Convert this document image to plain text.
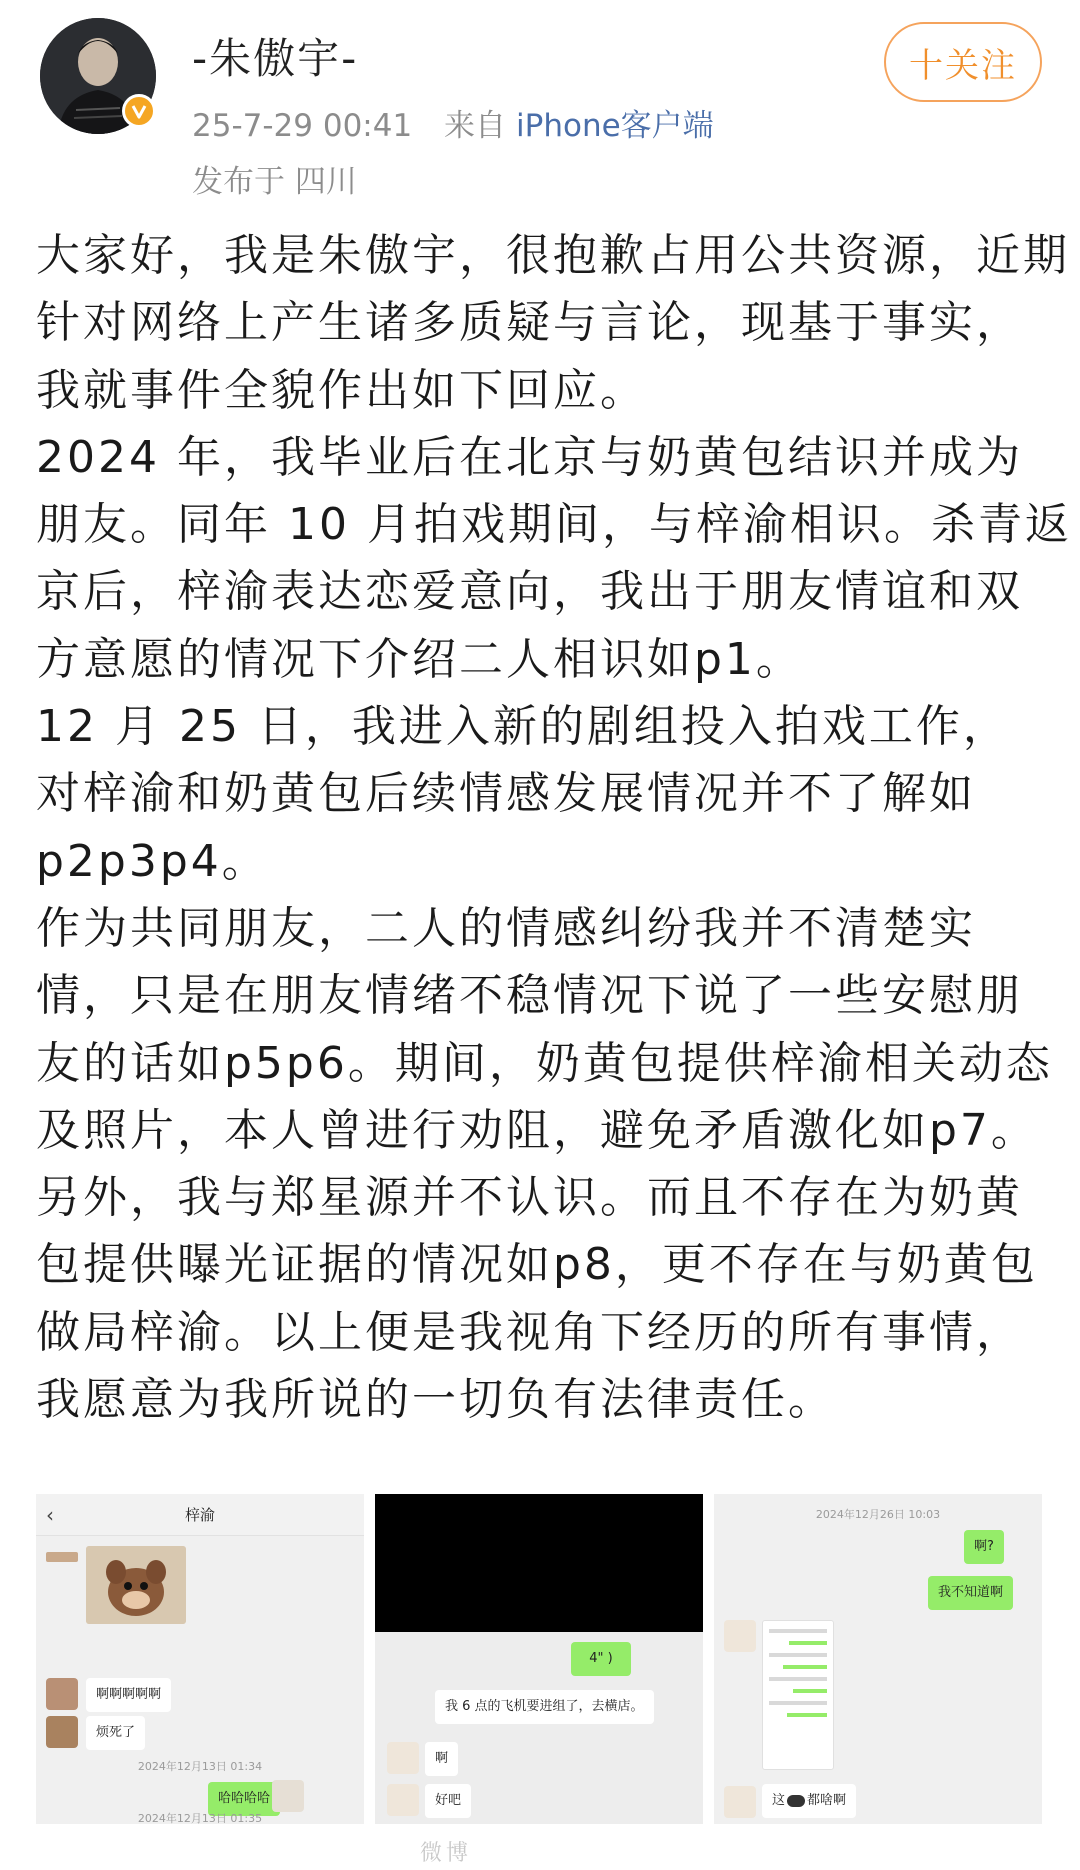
-朱傲宇-
25-7-29 00:41 来自 iPhone客户端
发布于 四川
十关注
大家好，我是朱傲宇，很抱歉占用公共资源，近期
针对网络上产生诸多质疑与言论，现基于事实，
我就事件全貌作出如下回应。
2024 年，我毕业后在北京与奶黄包结识并成为
朋友。同年 10 月拍戏期间，与梓渝相识。杀青返
京后，梓渝表达恋爱意向，我出于朋友情谊和双
方意愿的情况下介绍二人相识如p1。
12 月 25 日，我进入新的剧组投入拍戏工作，
对梓渝和奶黄包后续情感发展情况并不了解如
p2p3p4。
作为共同朋友，二人的情感纠纷我并不清楚实
情，只是在朋友情绪不稳情况下说了一些安慰朋
友的话如p5p6。期间，奶黄包提供梓渝相关动态
及照片，本人曾进行劝阻，避免矛盾激化如p7。
另外，我与郑星源并不认识。而且不存在为奶黄
包提供曝光证据的情况如p8，更不存在与奶黄包
做局梓渝。以上便是我视角下经历的所有事情，
我愿意为我所说的一切负有法律责任。
‹	梓渝
啊啊啊啊啊
烦死了
2024年12月13日 01:34
哈哈哈哈
2024年12月13日 01:35
4" )
我 6 点的飞机要进组了，去横店。
啊
好吧
2024年12月26日 10:03
啊?
我不知道啊
这 都啥啊
微博
